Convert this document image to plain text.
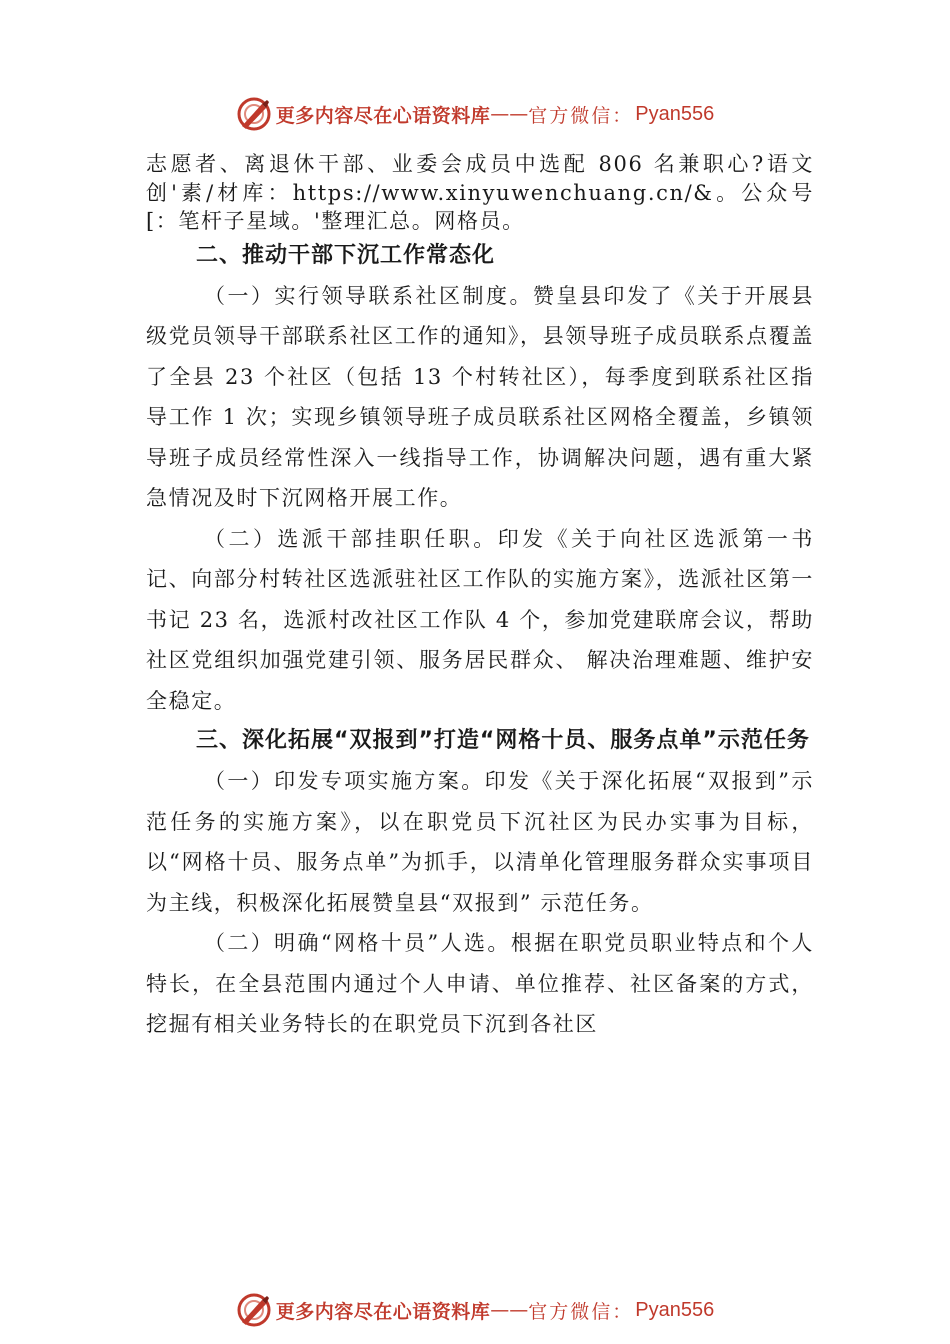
更多内容尽在心语资料库 —— 官方微信： Pyan556

志愿者、离退休干部、业委会成员中选配 806 名兼职心?语文创'素/材库：https://www.xinyuwenchuang.cn/&。公众号[：笔杆子星域。'整理汇总。网格员。

二、推动干部下沉工作常态化

（一）实行领导联系社区制度。赞皇县印发了《关于开展县级党员领导干部联系社区工作的通知》，县领导班子成员联系点覆盖了全县 23 个社区（包括 13 个村转社区），每季度到联系社区指导工作 1 次；实现乡镇领导班子成员联系社区网格全覆盖，乡镇领导班子成员经常性深入一线指导工作，协调解决问题，遇有重大紧急情况及时下沉网格开展工作。

（二）选派干部挂职任职。印发《关于向社区选派第一书记、向部分村转社区选派驻社区工作队的实施方案》，选派社区第一书记 23 名，选派村改社区工作队 4 个，参加党建联席会议，帮助社区党组织加强党建引领、服务居民群众、 解决治理难题、维护安全稳定。

三、深化拓展“双报到”打造“网格十员、服务点单”示范任务

（一）印发专项实施方案。印发《关于深化拓展“双报到”示范任务的实施方案》，以在职党员下沉社区为民办实事为目标，以“网格十员、服务点单”为抓手，以清单化管理服务群众实事项目为主线，积极深化拓展赞皇县“双报到” 示范任务。

（二）明确“网格十员”人选。根据在职党员职业特点和个人特长，在全县范围内通过个人申请、单位推荐、社区备案的方式，挖掘有相关业务特长的在职党员下沉到各社区

更多内容尽在心语资料库 —— 官方微信： Pyan556
